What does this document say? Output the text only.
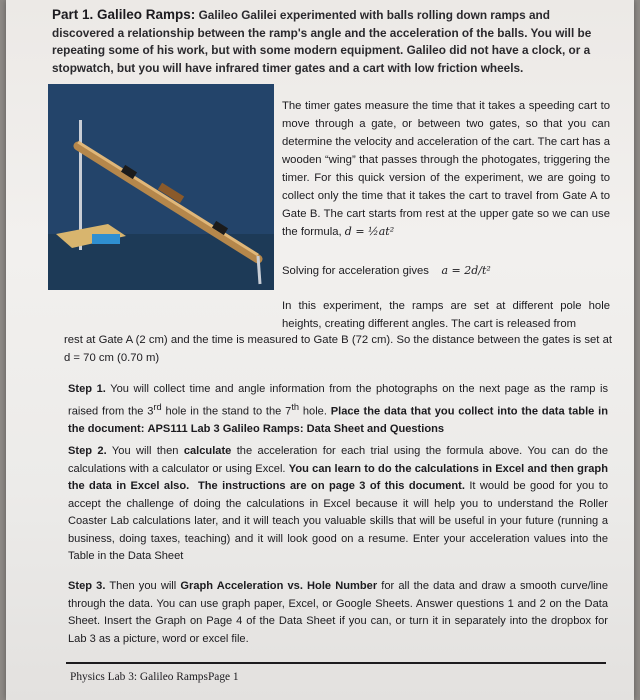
Part 1. Galileo Ramps: Galileo Galilei experimented with balls rolling down ramps and discovered a relationship between the ramp's angle and the acceleration of the balls. You will be repeating some of his work, but with some modern equipment. Galileo did not have a clock, or a stopwatch, but you will have infrared timer gates and a cart with low friction wheels.
The timer gates measure the time that it takes a speeding cart to move through a gate, or between two gates, so that you can determine the velocity and acceleration of the cart. The cart has a wooden “wing” that passes through the photogates, triggering the timer. For this quick version of the experiment, we are going to collect only the time that it takes the cart to travel from Gate A to Gate B. The cart starts from rest at the upper gate so we can use the formula, d = ½at²
Solving for acceleration gives a = 2d/t²
In this experiment, the ramps are set at different pole hole heights, creating different angles. The cart is released from
rest at Gate A (2 cm) and the time is measured to Gate B (72 cm). So the distance between the gates is set at d = 70 cm (0.70 m)
Step 1. You will collect time and angle information from the photographs on the next page as the ramp is raised from the 3rd hole in the stand to the 7th hole. Place the data that you collect into the data table in the document: APS111 Lab 3 Galileo Ramps: Data Sheet and Questions
Step 2. You will then calculate the acceleration for each trial using the formula above. You can do the calculations with a calculator or using Excel. You can learn to do the calculations in Excel and then graph the data in Excel also. The instructions are on page 3 of this document. It would be good for you to accept the challenge of doing the calculations in Excel because it will help you to understand the Roller Coaster Lab calculations later, and it will teach you valuable skills that will be useful in your future (running a business, doing taxes, teaching) and it will look good on a resume. Enter your acceleration values into the Table in the Data Sheet
Step 3. Then you will Graph Acceleration vs. Hole Number for all the data and draw a smooth curve/line through the data. You can use graph paper, Excel, or Google Sheets. Answer questions 1 and 2 on the Data Sheet. Insert the Graph on Page 4 of the Data Sheet if you can, or turn it in separately into the dropbox for Lab 3 as a picture, word or excel file.
Physics Lab 3: Galileo RampsPage 1
